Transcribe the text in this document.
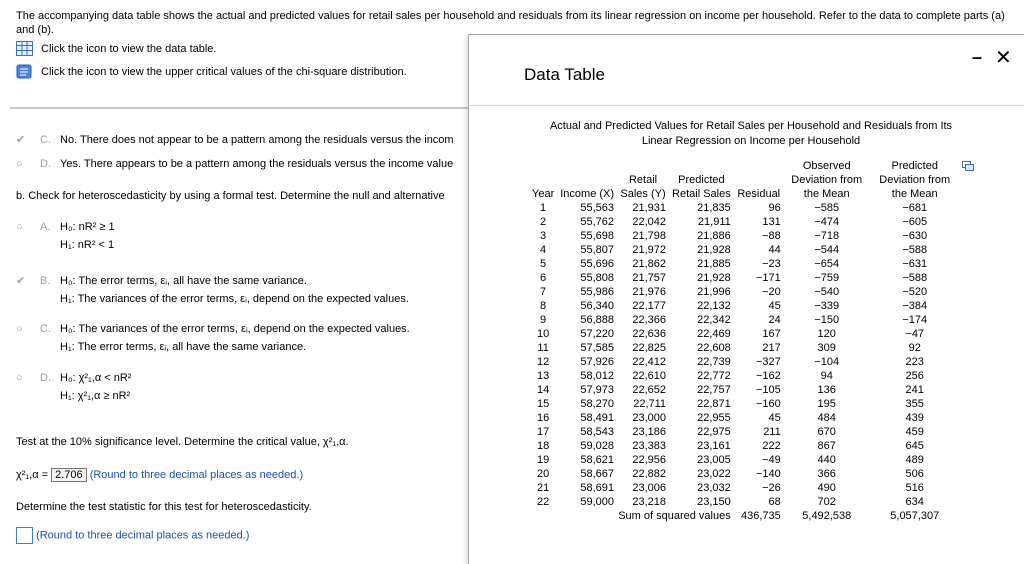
The accompanying data table shows the actual and predicted values for retail sales per household and residuals from its linear regression on income per household. Refer to the data to complete parts (a) and (b).
Click the icon to view the data table.
Click the icon to view the upper critical values of the chi-square distribution.
✔	C. No. There does not appear to be a pattern among the residuals versus the incom
○	D. Yes. There appears to be a pattern among the residuals versus the income value
b. Check for heteroscedasticity by using a formal test. Determine the null and alternative
○	A. H₀: nR² ≥ 1
H₁: nR² < 1
✔	B. H₀: The error terms, εᵢ, all have the same variance.
H₁: The variances of the error terms, εᵢ, depend on the expected values.
○	C. H₀: The variances of the error terms, εᵢ, depend on the expected values.
H₁: The error terms, εᵢ, all have the same variance.
○	D. H₀: χ²₁,α < nR²
H₁: χ²₁,α ≥ nR²
Test at the 10% significance level. Determine the critical value, χ²₁,α.
χ²₁,α = 2.706 (Round to three decimal places as needed.)
Determine the test statistic for this test for heteroscedasticity.
(Round to three decimal places as needed.)
Data Table
– ✕
Actual and Predicted Values for Retail Sales per Household and Residuals from Its
Linear Regression on Income per Household
					Observed	Predicted
		Retail	Predicted		Deviation from	Deviation from
Year	Income (X)	Sales (Y)	Retail Sales	Residual	the Mean	the Mean
1	55,563	21,931	21,835	96	−585	−681
2	55,762	22,042	21,911	131	−474	−605
3	55,698	21,798	21,886	−88	−718	−630
4	55,807	21,972	21,928	44	−544	−588
5	55,696	21,862	21,885	−23	−654	−631
6	55,808	21,757	21,928	−171	−759	−588
7	55,986	21,976	21,996	−20	−540	−520
8	56,340	22,177	22,132	45	−339	−384
9	56,888	22,366	22,342	24	−150	−174
10	57,220	22,636	22,469	167	120	−47
11	57,585	22,825	22,608	217	309	92
12	57,926	22,412	22,739	−327	−104	223
13	58,012	22,610	22,772	−162	94	256
14	57,973	22,652	22,757	−105	136	241
15	58,270	22,711	22,871	−160	195	355
16	58,491	23,000	22,955	45	484	439
17	58,543	23,186	22,975	211	670	459
18	59,028	23,383	23,161	222	867	645
19	58,621	22,956	23,005	−49	440	489
20	58,667	22,882	23,022	−140	366	506
21	58,691	23,006	23,032	−26	490	516
22	59,000	23,218	23,150	68	702	634
Sum of squared values				436,735	5,492,538	5,057,307
